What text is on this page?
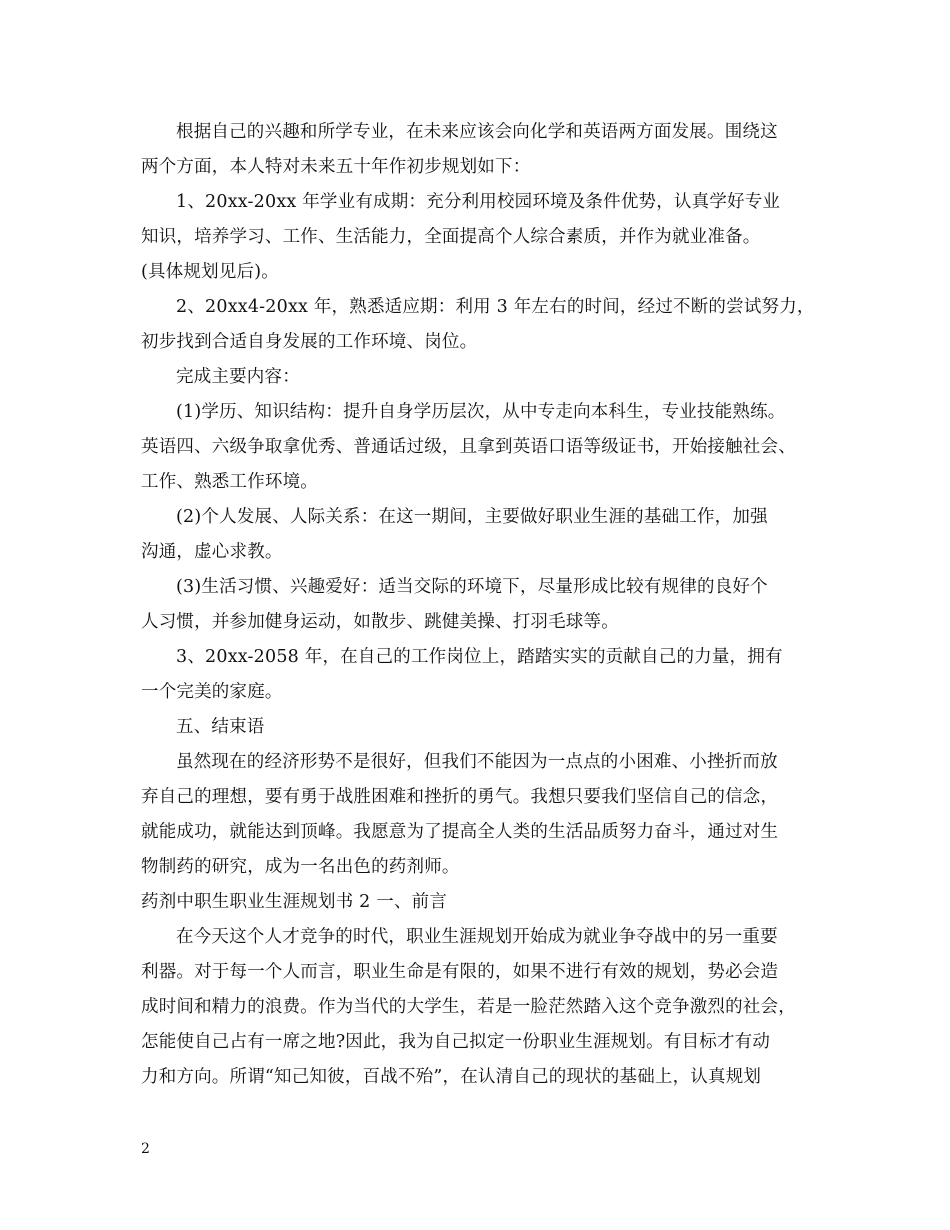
根据自己的兴趣和所学专业，在未来应该会向化学和英语两方面发展。围绕这
两个方面，本人特对未来五十年作初步规划如下：
1、20xx-20xx 年学业有成期：充分利用校园环境及条件优势，认真学好专业
知识，培养学习、工作、生活能力，全面提高个人综合素质，并作为就业准备。
(具体规划见后)。
2、20xx4-20xx 年，熟悉适应期：利用 3 年左右的时间，经过不断的尝试努力，
初步找到合适自身发展的工作环境、岗位。
完成主要内容：
(1)学历、知识结构：提升自身学历层次，从中专走向本科生，专业技能熟练。
英语四、六级争取拿优秀、普通话过级，且拿到英语口语等级证书，开始接触社会、
工作、熟悉工作环境。
(2)个人发展、人际关系：在这一期间，主要做好职业生涯的基础工作，加强
沟通，虚心求教。
(3)生活习惯、兴趣爱好：适当交际的环境下，尽量形成比较有规律的良好个
人习惯，并参加健身运动，如散步、跳健美操、打羽毛球等。
3、20xx-2058 年，在自己的工作岗位上，踏踏实实的贡献自己的力量，拥有
一个完美的家庭。
五、结束语
虽然现在的经济形势不是很好，但我们不能因为一点点的小困难、小挫折而放
弃自己的理想，要有勇于战胜困难和挫折的勇气。我想只要我们坚信自己的信念，
就能成功，就能达到顶峰。我愿意为了提高全人类的生活品质努力奋斗，通过对生
物制药的研究，成为一名出色的药剂师。
药剂中职生职业生涯规划书 2 一、前言
在今天这个人才竞争的时代，职业生涯规划开始成为就业争夺战中的另一重要
利器。对于每一个人而言，职业生命是有限的，如果不进行有效的规划，势必会造
成时间和精力的浪费。作为当代的大学生，若是一脸茫然踏入这个竞争激烈的社会，
怎能使自己占有一席之地?因此，我为自己拟定一份职业生涯规划。有目标才有动
力和方向。所谓“知己知彼，百战不殆”，在认清自己的现状的基础上，认真规划
2
